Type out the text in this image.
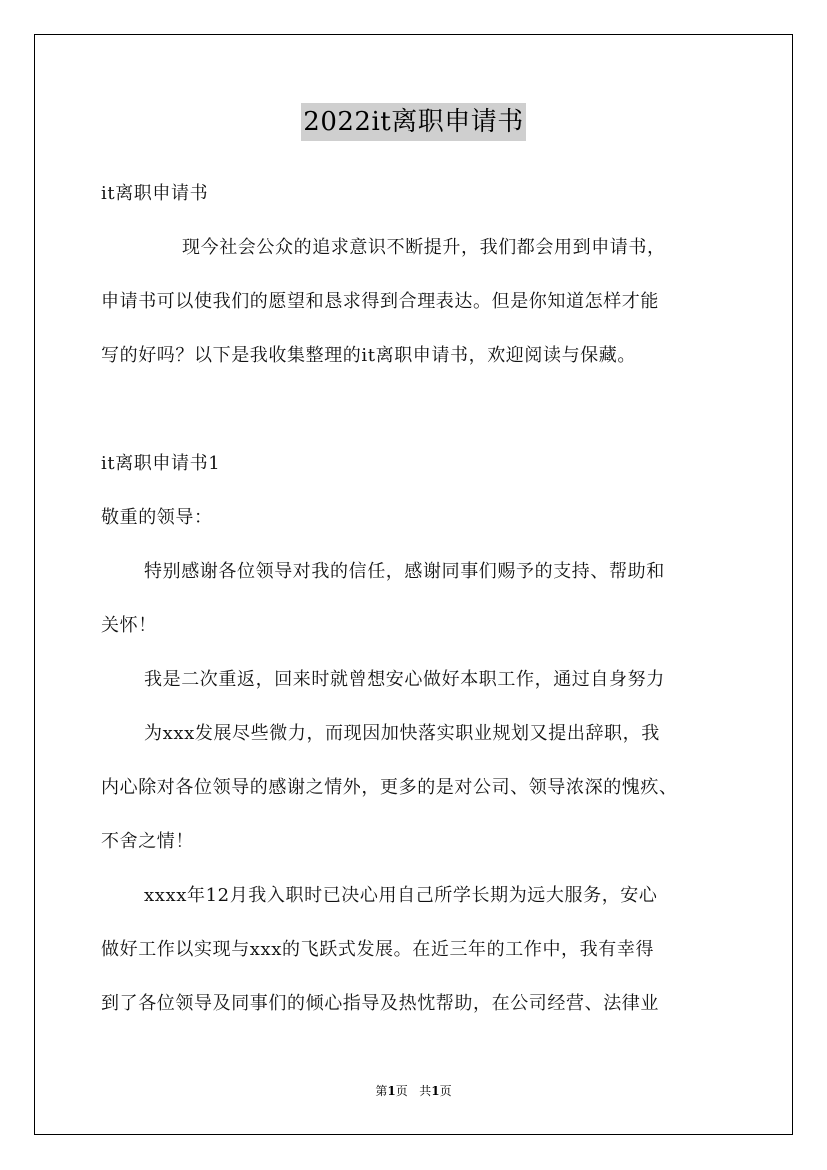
2022it离职申请书
it离职申请书
现今社会公众的追求意识不断提升，我们都会用到申请书，
申请书可以使我们的愿望和恳求得到合理表达。但是你知道怎样才能
写的好吗？以下是我收集整理的it离职申请书，欢迎阅读与保藏。
it离职申请书1
敬重的领导：
特别感谢各位领导对我的信任，感谢同事们赐予的支持、帮助和
关怀！
我是二次重返，回来时就曾想安心做好本职工作，通过自身努力
为xxx发展尽些微力，而现因加快落实职业规划又提出辞职，我
内心除对各位领导的感谢之情外，更多的是对公司、领导浓深的愧疚、
不舍之情！
xxxx年12月我入职时已决心用自己所学长期为远大服务，安心
做好工作以实现与xxx的飞跃式发展。在近三年的工作中，我有幸得
到了各位领导及同事们的倾心指导及热忱帮助，在公司经营、法律业
第1页 共1页
